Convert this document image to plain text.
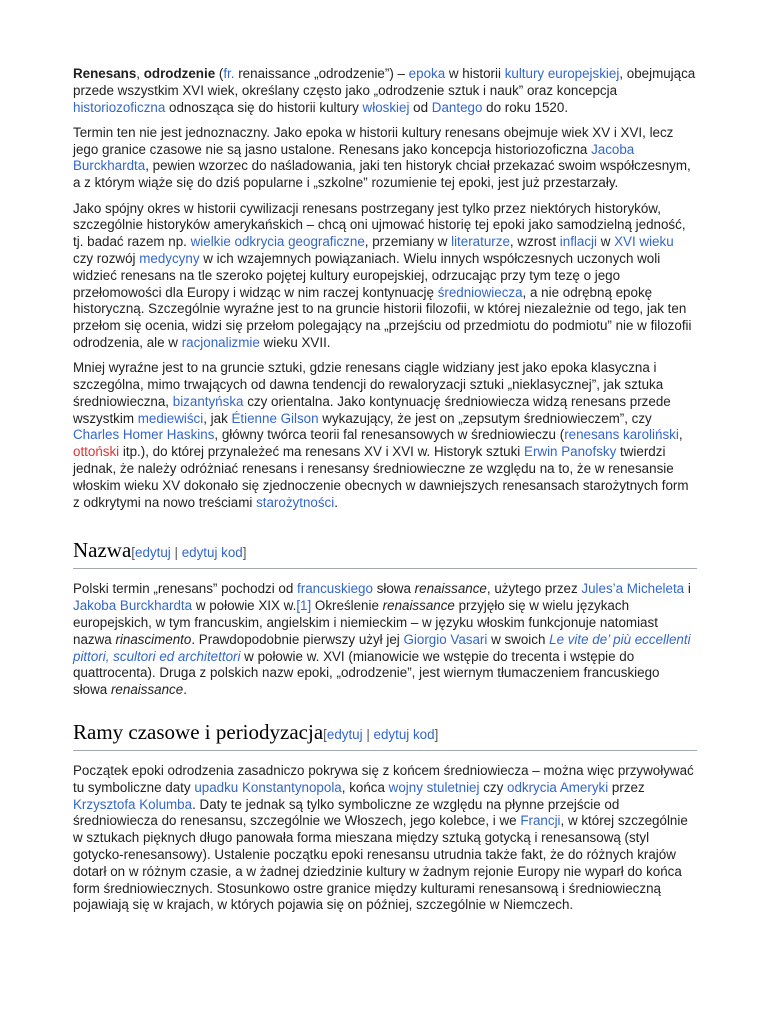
Renesans, odrodzenie (fr. renaissance „odrodzenie”) – epoka w historii kultury europejskiej, obejmująca przede wszystkim XVI wiek, określany często jako „odrodzenie sztuk i nauk” oraz koncepcja historiozoficzna odnosząca się do historii kultury włoskiej od Dantego do roku 1520.

Termin ten nie jest jednoznaczny. Jako epoka w historii kultury renesans obejmuje wiek XV i XVI, lecz jego granice czasowe nie są jasno ustalone. Renesans jako koncepcja historiozoficzna Jacoba Burckhardta, pewien wzorzec do naśladowania, jaki ten historyk chciał przekazać swoim współczesnym, a z którym wiąże się do dziś popularne i „szkolne” rozumienie tej epoki, jest już przestarzały.

Jako spójny okres w historii cywilizacji renesans postrzegany jest tylko przez niektórych historyków, szczególnie historyków amerykańskich – chcą oni ujmować historię tej epoki jako samodzielną jedność, tj. badać razem np. wielkie odkrycia geograficzne, przemiany w literaturze, wzrost inflacji w XVI wieku czy rozwój medycyny w ich wzajemnych powiązaniach. Wielu innych współczesnych uczonych woli widzieć renesans na tle szeroko pojętej kultury europejskiej, odrzucając przy tym tezę o jego przełomowości dla Europy i widząc w nim raczej kontynuację średniowiecza, a nie odrębną epokę historyczną. Szczególnie wyraźne jest to na gruncie historii filozofii, w której niezależnie od tego, jak ten przełom się ocenia, widzi się przełom polegający na „przejściu od przedmiotu do podmiotu” nie w filozofii odrodzenia, ale w racjonalizmie wieku XVII.

Mniej wyraźne jest to na gruncie sztuki, gdzie renesans ciągle widziany jest jako epoka klasyczna i szczególna, mimo trwających od dawna tendencji do rewaloryzacji sztuki „nieklasycznej”, jak sztuka średniowieczna, bizantyńska czy orientalna. Jako kontynuację średniowiecza widzą renesans przede wszystkim mediewiści, jak Étienne Gilson wykazujący, że jest on „zepsutym średniowieczem”, czy Charles Homer Haskins, główny twórca teorii fal renesansowych w średniowieczu (renesans karoliński, ottoński itp.), do której przynależeć ma renesans XV i XVI w. Historyk sztuki Erwin Panofsky twierdzi jednak, że należy odróżniać renesans i renesansy średniowieczne ze względu na to, że w renesansie włoskim wieku XV dokonało się zjednoczenie obecnych w dawniejszych renesansach starożytnych form z odkrytymi na nowo treściami starożytności.

Nazwa[edytuj | edytuj kod]

Polski termin „renesans” pochodzi od francuskiego słowa renaissance, użytego przez Jules’a Micheleta i Jakoba Burckhardta w połowie XIX w.[1] Określenie renaissance przyjęło się w wielu językach europejskich, w tym francuskim, angielskim i niemieckim – w języku włoskim funkcjonuje natomiast nazwa rinascimento. Prawdopodobnie pierwszy użył jej Giorgio Vasari w swoich Le vite de’ più eccellenti pittori, scultori ed architettori w połowie w. XVI (mianowicie we wstępie do trecenta i wstępie do quattrocenta). Druga z polskich nazw epoki, „odrodzenie”, jest wiernym tłumaczeniem francuskiego słowa renaissance.

Ramy czasowe i periodyzacja[edytuj | edytuj kod]

Początek epoki odrodzenia zasadniczo pokrywa się z końcem średniowiecza – można więc przywoływać tu symboliczne daty upadku Konstantynopola, końca wojny stuletniej czy odkrycia Ameryki przez Krzysztofa Kolumba. Daty te jednak są tylko symboliczne ze względu na płynne przejście od średniowiecza do renesansu, szczególnie we Włoszech, jego kolebce, i we Francji, w której szczególnie w sztukach pięknych długo panowała forma mieszana między sztuką gotycką i renesansową (styl gotycko-renesansowy). Ustalenie początku epoki renesansu utrudnia także fakt, że do różnych krajów dotarł on w różnym czasie, a w żadnej dziedzinie kultury w żadnym rejonie Europy nie wyparł do końca form średniowiecznych. Stosunkowo ostre granice między kulturami renesansową i średniowieczną pojawiają się w krajach, w których pojawia się on później, szczególnie w Niemczech.
